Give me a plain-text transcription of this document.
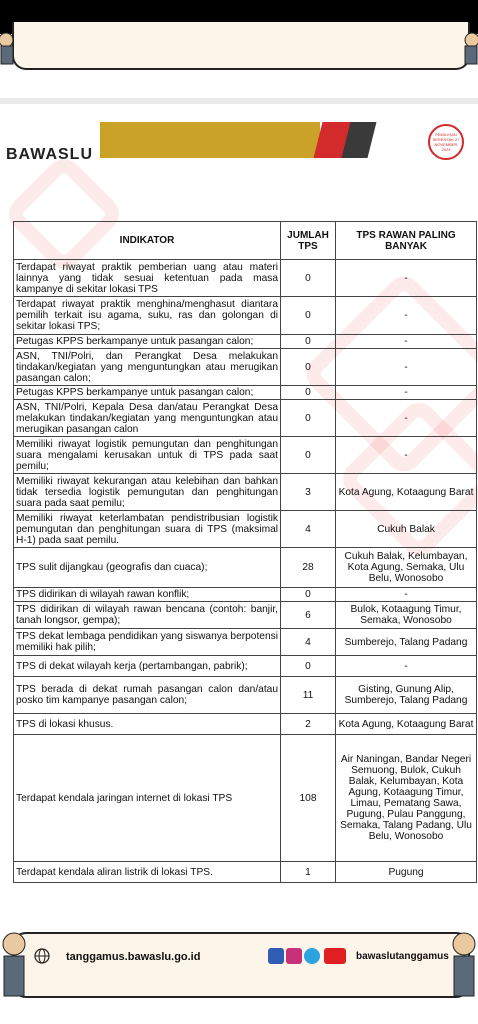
BAWASLU
PEMILIHAN SERENTAK 27 NOVEMBER 2024
INDIKATOR	JUMLAH TPS	TPS RAWAN PALING BANYAK
Terdapat riwayat praktik pemberian uang atau materi lainnya yang tidak sesuai ketentuan pada masa kampanye di sekitar lokasi TPS	0	-
Terdapat riwayat praktik menghina/menghasut diantara pemilih terkait isu agama, suku, ras dan golongan di sekitar lokasi TPS;	0	-
Petugas KPPS berkampanye untuk pasangan calon;	0	-
ASN, TNI/Polri, dan Perangkat Desa melakukan tindakan/kegiatan yang menguntungkan atau merugikan pasangan calon;	0	-
Petugas KPPS berkampanye untuk pasangan calon;	0	-
ASN, TNI/Polri, Kepala Desa dan/atau Perangkat Desa melakukan tindakan/kegiatan yang menguntungkan atau merugikan pasangan calon	0	-
Memiliki riwayat logistik pemungutan dan penghitungan suara mengalami kerusakan untuk di TPS pada saat pemilu;	0	-
Memiliki riwayat kekurangan atau kelebihan dan bahkan tidak tersedia logistik pemungutan dan penghitungan suara pada saat pemilu;	3	Kota Agung, Kotaagung Barat
Memiliki riwayat keterlambatan pendistribusian logistik pemungutan dan penghitungan suara di TPS (maksimal H-1) pada saat pemilu.	4	Cukuh Balak
TPS sulit dijangkau (geografis dan cuaca);	28	Cukuh Balak, Kelumbayan, Kota Agung, Semaka, Ulu Belu, Wonosobo
TPS didirikan di wilayah rawan konflik;	0	-
TPS didirikan di wilayah rawan bencana (contoh: banjir, tanah longsor, gempa);	6	Bulok, Kotaagung Timur, Semaka, Wonosobo
TPS dekat lembaga pendidikan yang siswanya berpotensi memiliki hak pilih;	4	Sumberejo, Talang Padang
TPS di dekat wilayah kerja (pertambangan, pabrik);	0	-
TPS berada di dekat rumah pasangan calon dan/atau posko tim kampanye pasangan calon;	11	Gisting, Gunung Alip, Sumberejo, Talang Padang
TPS di lokasi khusus.	2	Kota Agung, Kotaagung Barat
Terdapat kendala jaringan internet di lokasi TPS	108	Air Naningan, Bandar Negeri Semuong, Bulok, Cukuh Balak, Kelumbayan, Kota Agung, Kotaagung Timur, Limau, Pematang Sawa, Pugung, Pulau Panggung, Semaka, Talang Padang, Ulu Belu, Wonosobo
Terdapat kendala aliran listrik di lokasi TPS.	1	Pugung
tanggamus.bawaslu.go.id	bawaslutanggamus
